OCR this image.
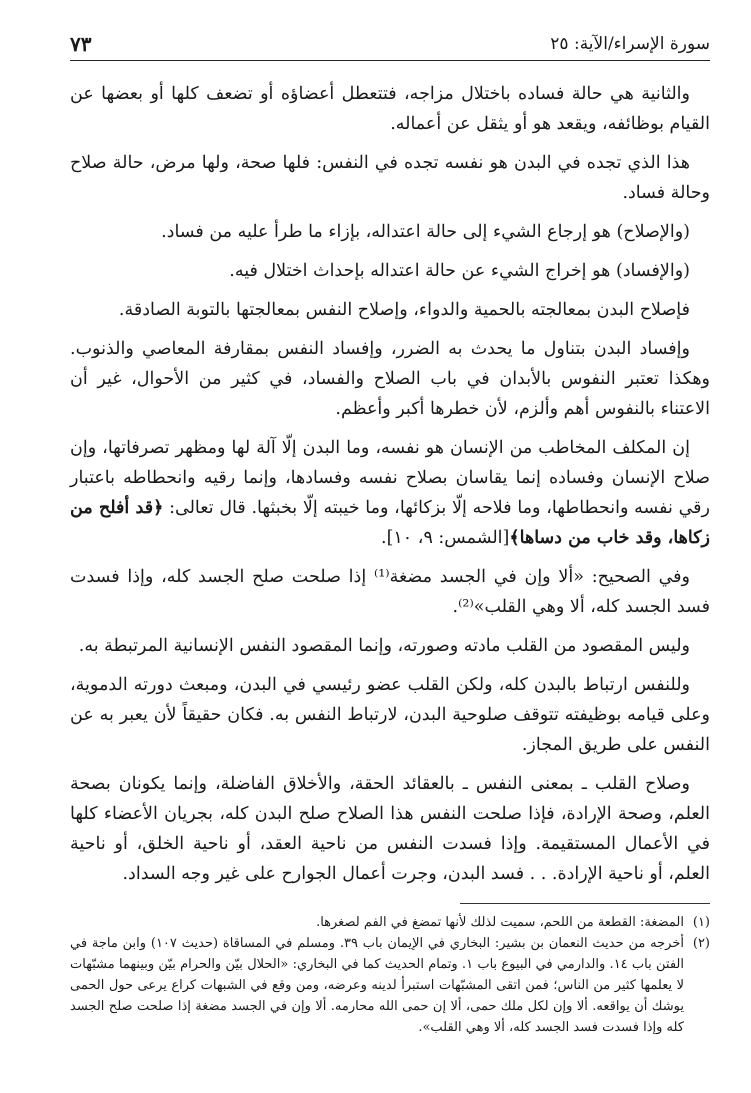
سورة الإسراء/الآية: ٢٥
٧٣

والثانية هي حالة فساده باختلال مزاجه، فتتعطل أعضاؤه أو تضعف كلها أو بعضها عن القيام بوظائفه، ويقعد هو أو يثقل عن أعماله.

هذا الذي تجده في البدن هو نفسه تجده في النفس: فلها صحة، ولها مرض، حالة صلاح وحالة فساد.

(والإصلاح) هو إرجاع الشيء إلى حالة اعتداله، بإزاء ما طرأ عليه من فساد.

(والإفساد) هو إخراج الشيء عن حالة اعتداله بإحداث اختلال فيه.

فإصلاح البدن بمعالجته بالحمية والدواء، وإصلاح النفس بمعالجتها بالتوبة الصادقة.

وإفساد البدن بتناول ما يحدث به الضرر، وإفساد النفس بمقارفة المعاصي والذنوب. وهكذا تعتبر النفوس بالأبدان في باب الصلاح والفساد، في كثير من الأحوال، غير أن الاعتناء بالنفوس أهم وألزم، لأن خطرها أكبر وأعظم.

إن المكلف المخاطب من الإنسان هو نفسه، وما البدن إلّا آلة لها ومظهر تصرفاتها، وإن صلاح الإنسان وفساده إنما يقاسان بصلاح نفسه وفسادها، وإنما رقيه وانحطاطه باعتبار رقي نفسه وانحطاطها، وما فلاحه إلّا بزكائها، وما خيبته إلّا بخبثها. قال تعالى: ﴿قد أفلح من زكاها، وقد خاب من دساها﴾[الشمس: ٩، ١٠].

وفي الصحيح: «ألا وإن في الجسد مضغة⁽¹⁾ إذا صلحت صلح الجسد كله، وإذا فسدت فسد الجسد كله، ألا وهي القلب»⁽²⁾.

وليس المقصود من القلب مادته وصورته، وإنما المقصود النفس الإنسانية المرتبطة به.

وللنفس ارتباط بالبدن كله، ولكن القلب عضو رئيسي في البدن، ومبعث دورته الدموية، وعلى قيامه بوظيفته تتوقف صلوحية البدن، لارتباط النفس به. فكان حقيقاً لأن يعبر به عن النفس على طريق المجاز.

وصلاح القلب ـ بمعنى النفس ـ بالعقائد الحقة، والأخلاق الفاضلة، وإنما يكونان بصحة العلم، وصحة الإرادة، فإذا صلحت النفس هذا الصلاح صلح البدن كله، بجريان الأعضاء كلها في الأعمال المستقيمة. وإذا فسدت النفس من ناحية العقد، أو ناحية الخلق، أو ناحية العلم، أو ناحية الإرادة. . . فسد البدن، وجرت أعمال الجوارح على غير وجه السداد.

(١)
المضغة: القطعة من اللحم، سميت لذلك لأنها تمضغ في الفم لصغرها.
(٢)
أخرجه من حديث النعمان بن بشير: البخاري في الإيمان باب ٣٩. ومسلم في المساقاة (حديث ١٠٧) وابن ماجة في الفتن باب ١٤. والدارمي في البيوع باب ١. وتمام الحديث كما في البخاري: «الحلال بيّن والحرام بيّن وبينهما مشبّهات لا يعلمها كثير من الناس؛ فمن اتقى المشبّهات استبرأ لدينه وعرضه، ومن وقع في الشبهات كراع يرعى حول الحمى يوشك أن يواقعه. ألا وإن لكل ملك حمى، ألا إن حمى الله محارمه. ألا وإن في الجسد مضغة إذا صلحت صلح الجسد كله وإذا فسدت فسد الجسد كله، ألا وهي القلب».
